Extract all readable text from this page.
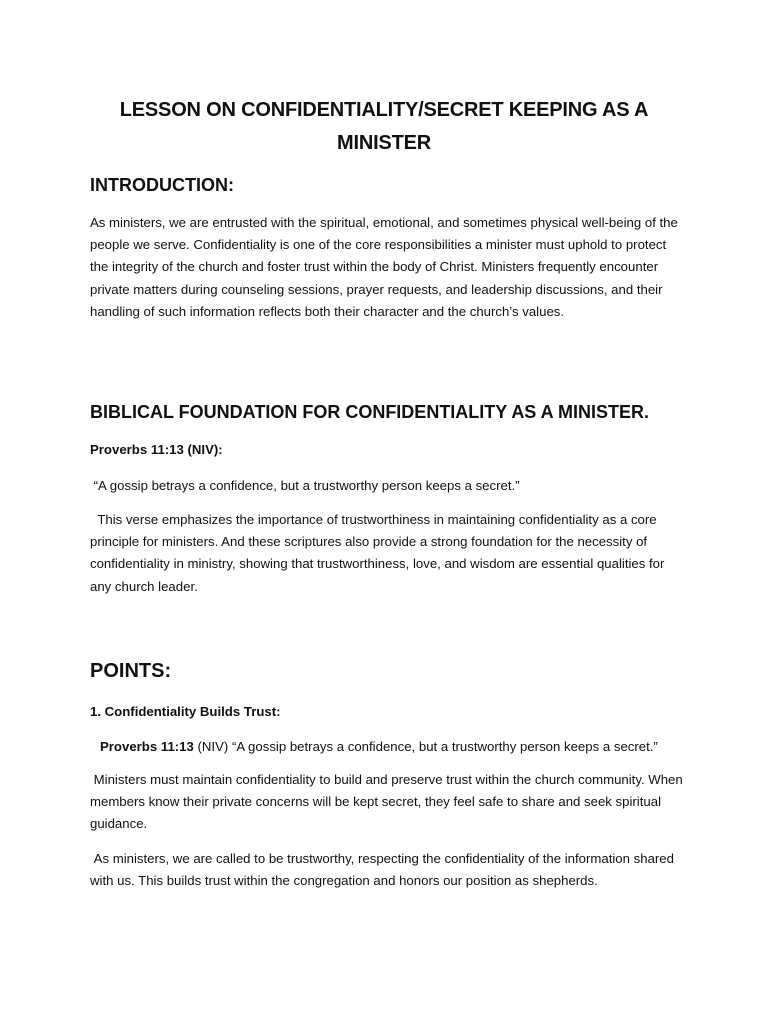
LESSON ON CONFIDENTIALITY/SECRET KEEPING AS A MINISTER
INTRODUCTION:

As ministers, we are entrusted with the spiritual, emotional, and sometimes physical well-being of the people we serve. Confidentiality is one of the core responsibilities a minister must uphold to protect the integrity of the church and foster trust within the body of Christ. Ministers frequently encounter private matters during counseling sessions, prayer requests, and leadership discussions, and their handling of such information reflects both their character and the church’s values.

BIBLICAL FOUNDATION FOR CONFIDENTIALITY AS A MINISTER.

Proverbs 11:13 (NIV):

“A gossip betrays a confidence, but a trustworthy person keeps a secret.”

This verse emphasizes the importance of trustworthiness in maintaining confidentiality as a core principle for ministers. And these scriptures also provide a strong foundation for the necessity of confidentiality in ministry, showing that trustworthiness, love, and wisdom are essential qualities for any church leader.

POINTS:

1. Confidentiality Builds Trust:

Proverbs 11:13 (NIV) “A gossip betrays a confidence, but a trustworthy person keeps a secret.”

Ministers must maintain confidentiality to build and preserve trust within the church community. When members know their private concerns will be kept secret, they feel safe to share and seek spiritual guidance.

As ministers, we are called to be trustworthy, respecting the confidentiality of the information shared with us. This builds trust within the congregation and honors our position as shepherds.
